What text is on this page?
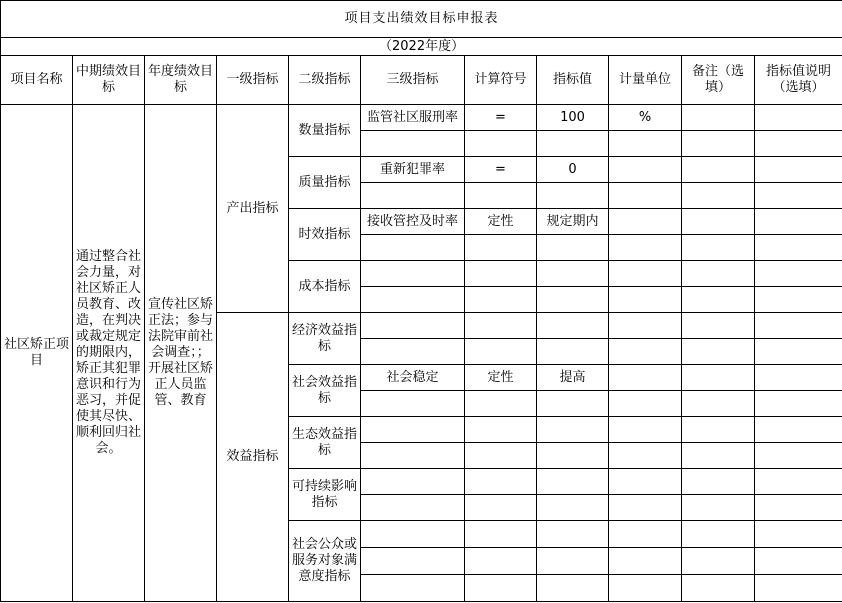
项目支出绩效目标申报表										
（2022年度）										
项目名称	中期绩效目标	年度绩效目标	一级指标	二级指标	三级指标	计算符号	指标值	计量单位	备注（选填）	指标值说明（选填）
社区矫正项目	通过整合社会力量，对社区矫正人员教育、改造，在判决或裁定规定的期限内，矫正其犯罪意识和行为恶习，并促使其尽快、顺利回归社会。	宣传社区矫正法；参与法院审前社会调查；；开展社区矫正人员监管、教育	产出指标	数量指标	监管社区服刑率	=	100	%		

				质量指标	重新犯罪率	=	0			

				时效指标	接收管控及时率	定性	规定期内			

				成本指标						

			效益指标	经济效益指标						

				社会效益指标	社会稳定	定性	提高			

				生态效益指标						

				可持续影响指标						

				社会公众或服务对象满意度指标						
